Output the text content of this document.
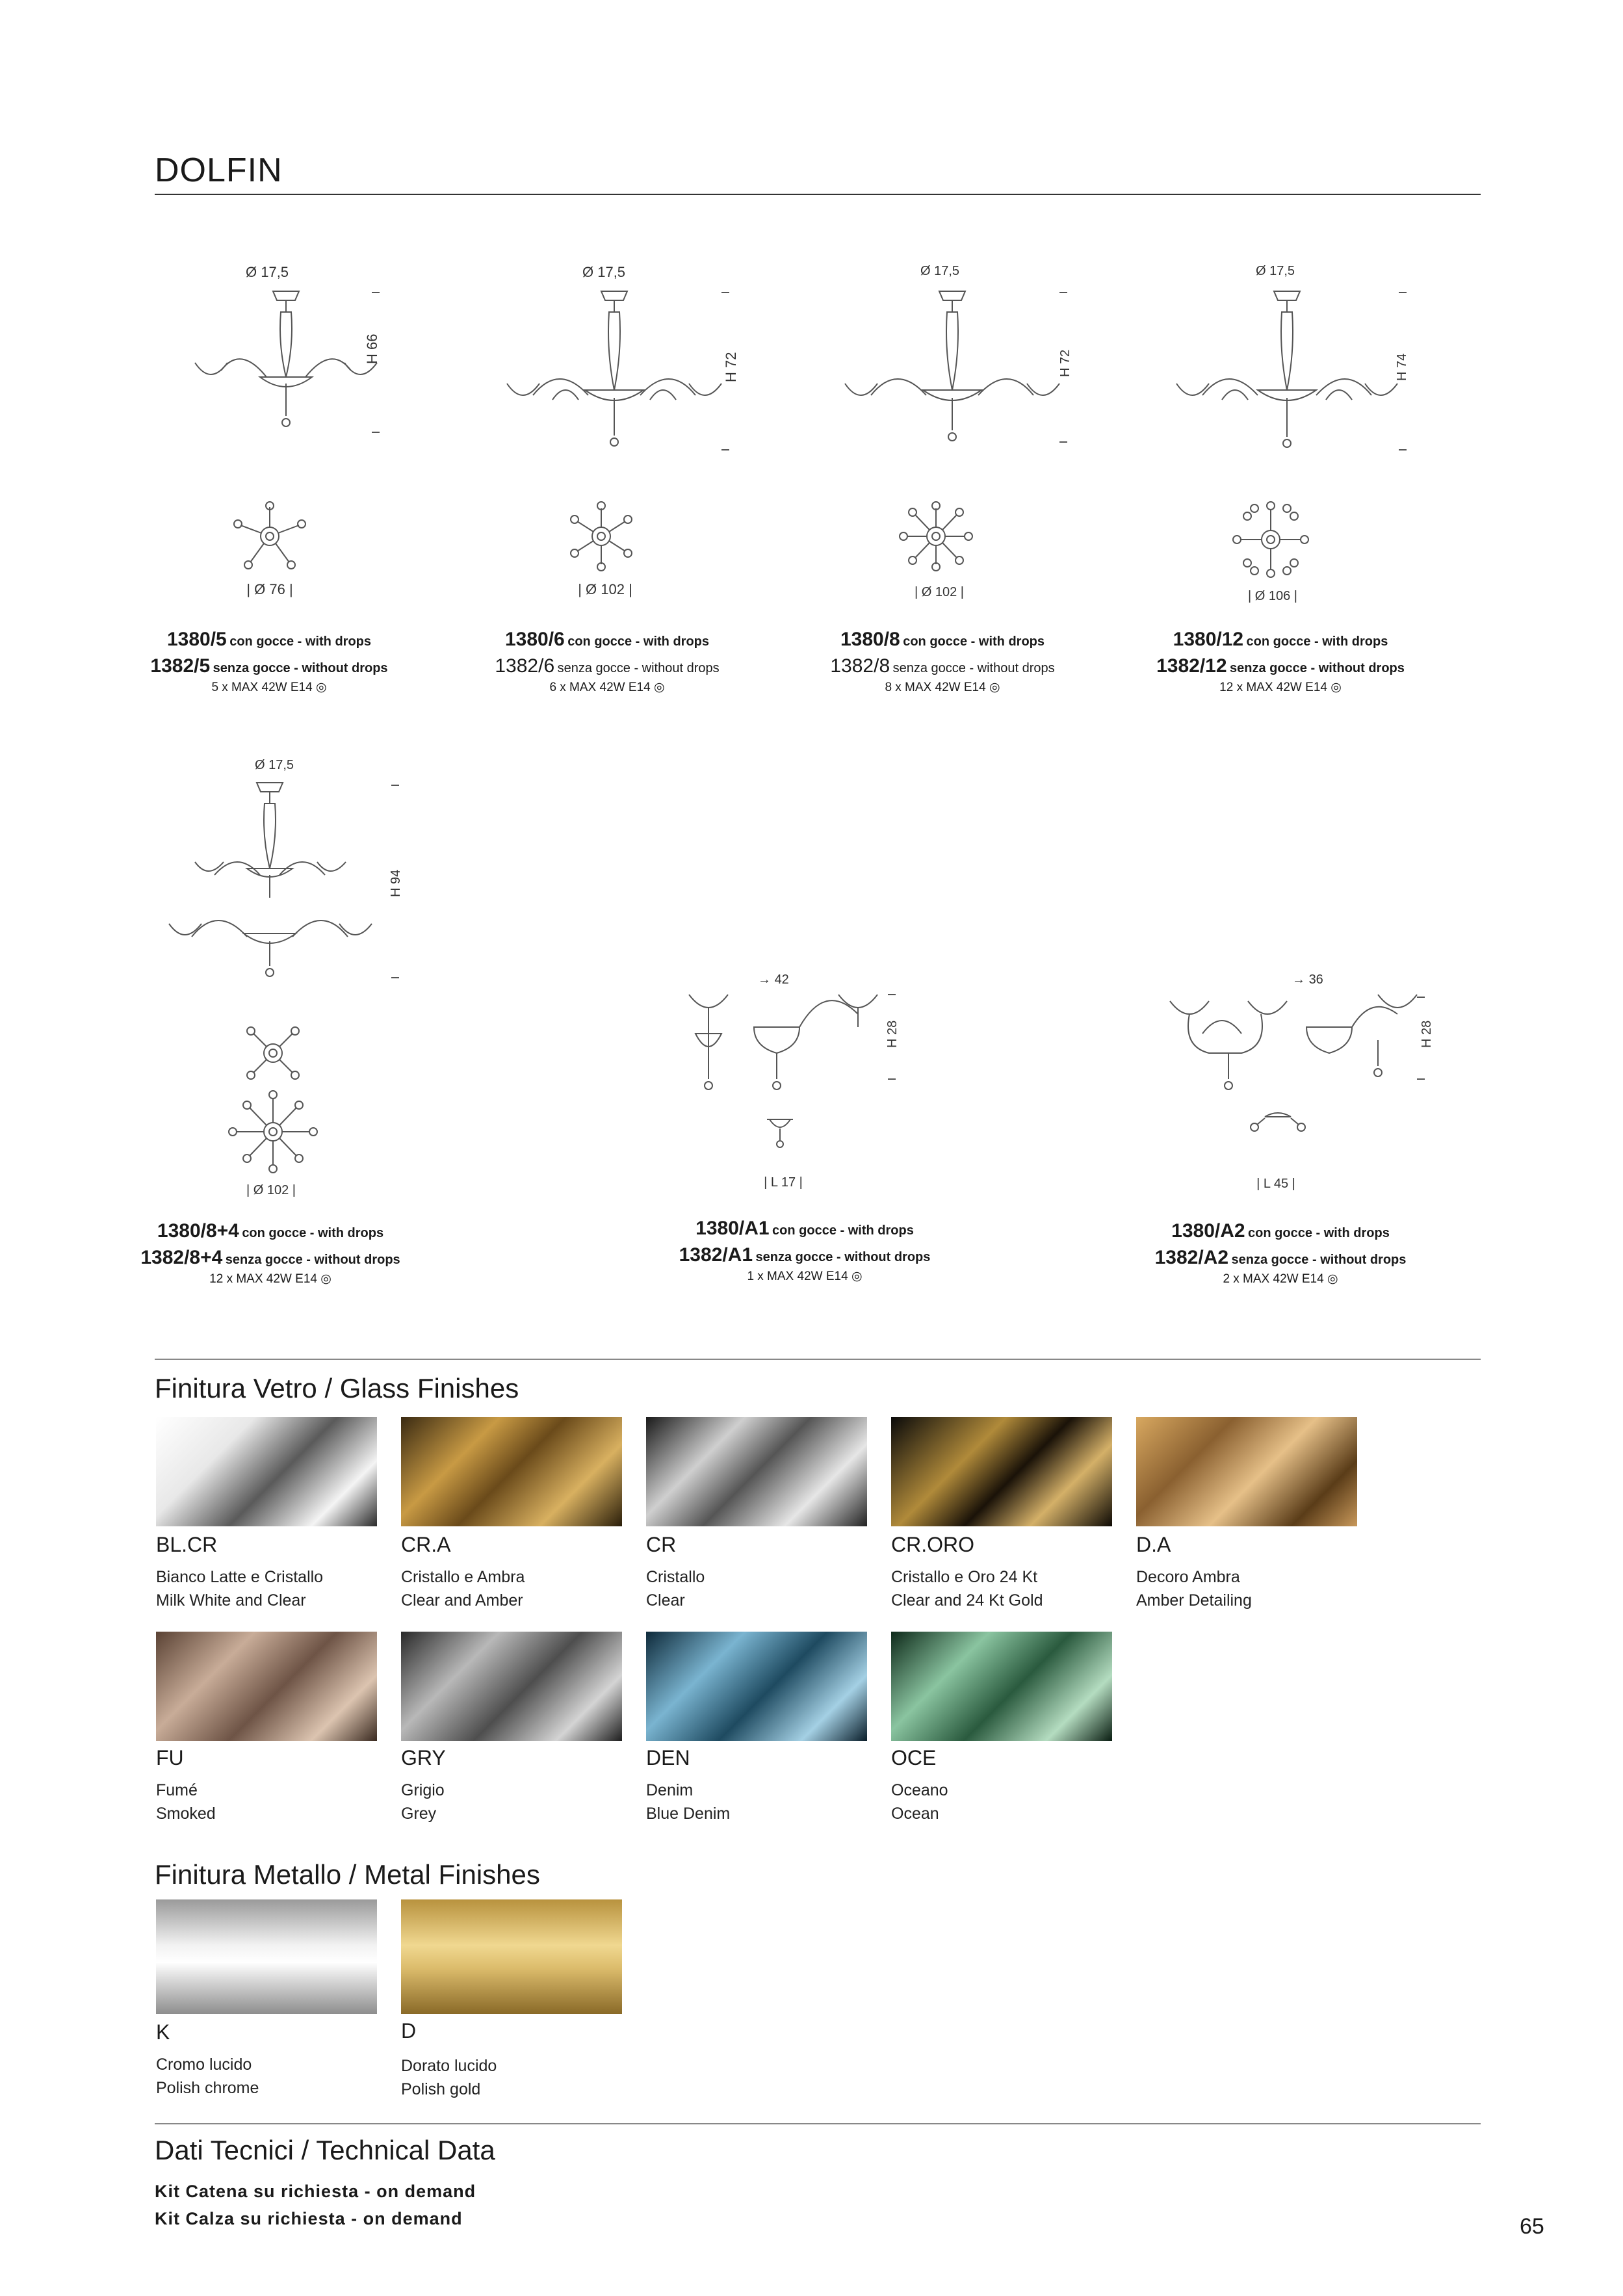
DOLFIN
Ø 17,5
H 66
| Ø 76 |
1380/5 con gocce - with drops
1382/5 senza gocce - without drops

5 x MAX 42W E14 ◎
Ø 17,5
H 72
| Ø 102 |
1380/6 con gocce - with drops
1382/6 senza gocce - without drops

6 x MAX 42W E14 ◎
Ø 17,5
H 72
| Ø 102 |
1380/8 con gocce - with drops
1382/8 senza gocce - without drops

8 x MAX 42W E14 ◎
Ø 17,5
H 74
| Ø 106 |
1380/12 con gocce - with drops
1382/12 senza gocce - without drops

12 x MAX 42W E14 ◎
Ø 17,5
H 94
| Ø 102 |
1380/8+4 con gocce - with drops
1382/8+4 senza gocce - without drops

12 x MAX 42W E14 ◎
→ 42
H 28
| L 17 |
1380/A1 con gocce - with drops
1382/A1 senza gocce - without drops

1 x MAX 42W E14 ◎
→ 36
H 28
| L 45 |
1380/A2 con gocce - with drops
1382/A2 senza gocce - without drops

2 x MAX 42W E14 ◎
Finitura Vetro / Glass Finishes
BL.CR
Bianco Latte e Cristallo
Milk White and Clear
CR.A
Cristallo e Ambra
Clear and Amber
CR
Cristallo
Clear
CR.ORO
Cristallo e Oro 24 Kt
Clear and 24 Kt Gold
D.A
Decoro Ambra
Amber Detailing
FU
Fumé
Smoked
GRY
Grigio
Grey
DEN
Denim
Blue Denim
OCE
Oceano
Ocean
Finitura Metallo / Metal Finishes
K
Cromo lucido
Polish chrome
D
Dorato lucido
Polish gold
Dati Tecnici / Technical Data
Kit Catena su richiesta - on demand
Kit Calza su richiesta - on demand	65
